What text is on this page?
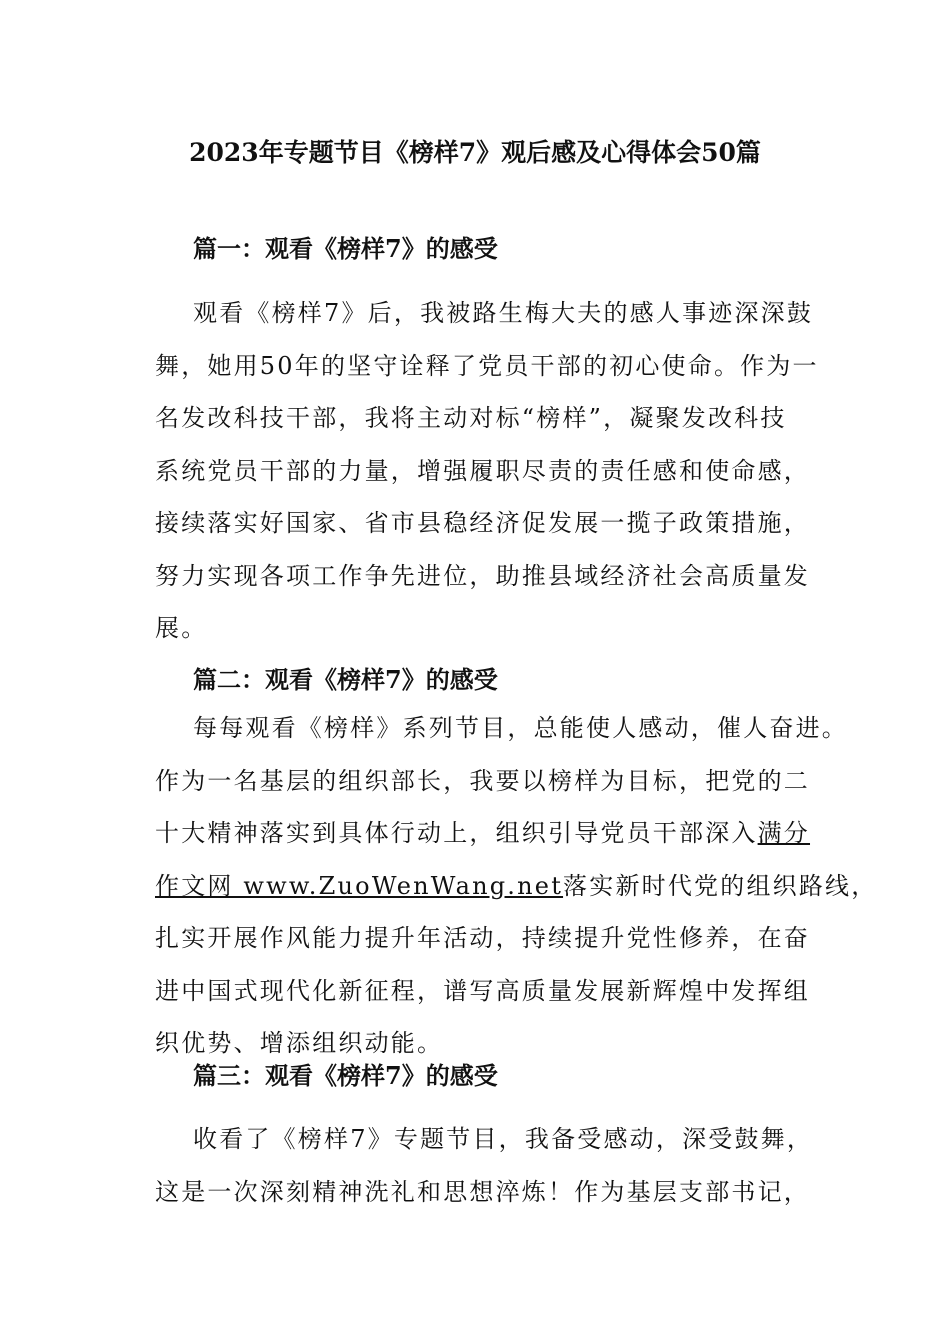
2023年专题节目《榜样7》观后感及心得体会50篇
篇一：观看《榜样7》的感受
观看《榜样7》后，我被路生梅大夫的感人事迹深深鼓
舞，她用50年的坚守诠释了党员干部的初心使命。作为一
名发改科技干部，我将主动对标“榜样”，凝聚发改科技
系统党员干部的力量，增强履职尽责的责任感和使命感，
接续落实好国家、省市县稳经济促发展一揽子政策措施，
努力实现各项工作争先进位，助推县域经济社会高质量发
展。
篇二：观看《榜样7》的感受
每每观看《榜样》系列节目，总能使人感动，催人奋进。
作为一名基层的组织部长，我要以榜样为目标，把党的二
十大精神落实到具体行动上，组织引导党员干部深入满分
作文网 www.ZuoWenWang.net落实新时代党的组织路线，
扎实开展作风能力提升年活动，持续提升党性修养，在奋
进中国式现代化新征程，谱写高质量发展新辉煌中发挥组
织优势、增添组织动能。
篇三：观看《榜样7》的感受
收看了《榜样7》专题节目，我备受感动，深受鼓舞，
这是一次深刻精神洗礼和思想淬炼！作为基层支部书记，
